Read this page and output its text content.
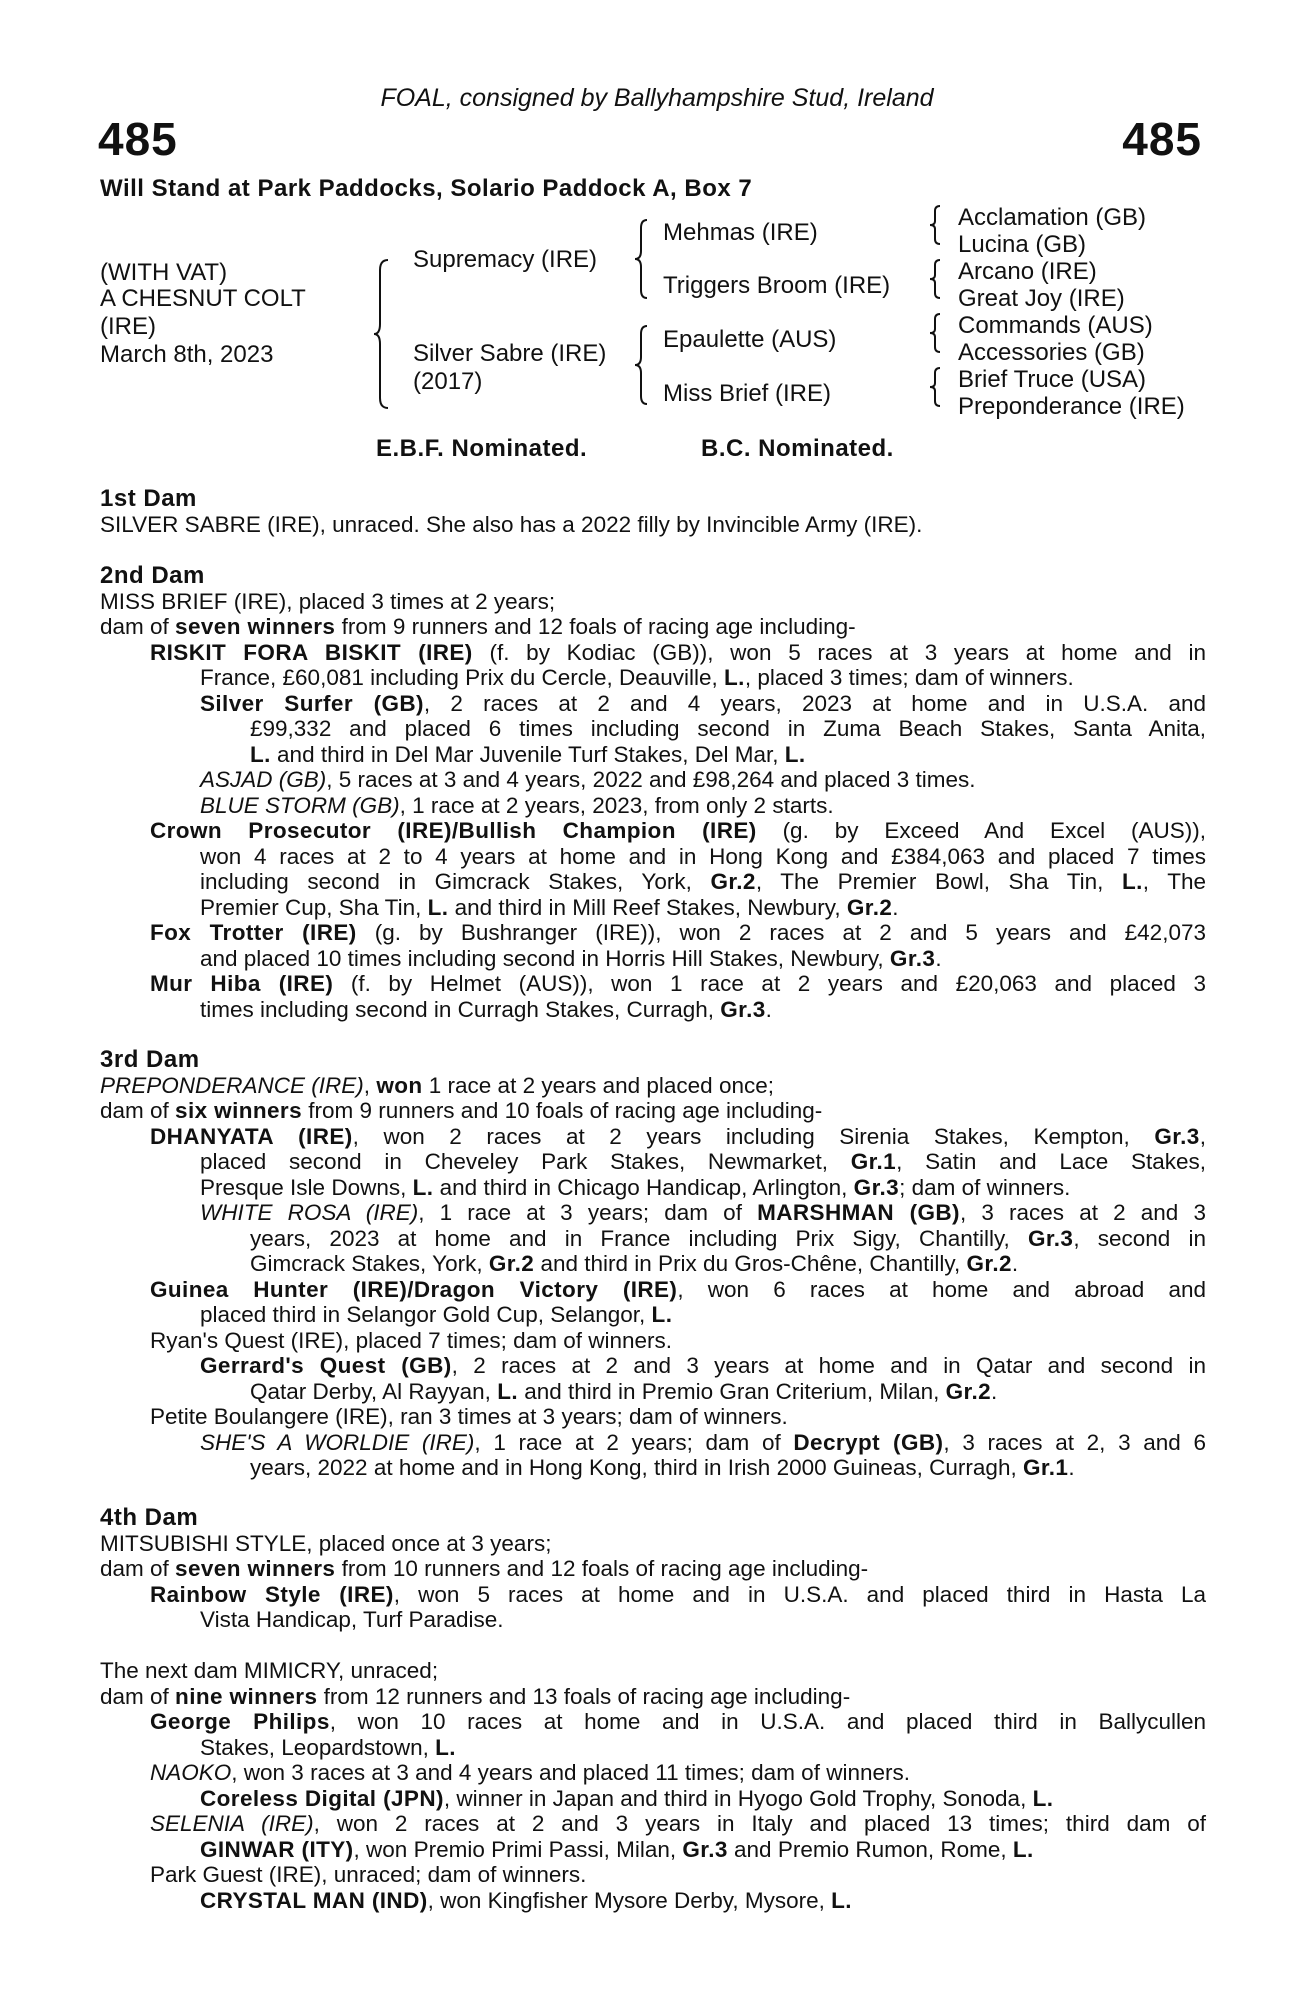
FOAL, consigned by Ballyhampshire Stud, Ireland
485	485
Will Stand at Park Paddocks, Solario Paddock A, Box 7
(WITH VAT)
A CHESNUT COLT
(IRE)
March 8th, 2023
Supremacy (IRE)
Silver Sabre (IRE)
(2017)
Mehmas (IRE)
Triggers Broom (IRE)
Epaulette (AUS)
Miss Brief (IRE)
Acclamation (GB)
Lucina (GB)
Arcano (IRE)
Great Joy (IRE)
Commands (AUS)
Accessories (GB)
Brief Truce (USA)
Preponderance (IRE)
E.B.F. Nominated.	B.C. Nominated.
1st Dam
SILVER SABRE (IRE), unraced. She also has a 2022 filly by Invincible Army (IRE).
2nd Dam
MISS BRIEF (IRE), placed 3 times at 2 years;
dam of seven winners from 9 runners and 12 foals of racing age including-
RISKIT FORA BISKIT (IRE) (f. by Kodiac (GB)), won 5 races at 3 years at home and in
France, £60,081 including Prix du Cercle, Deauville, L., placed 3 times; dam of winners.
Silver Surfer (GB), 2 races at 2 and 4 years, 2023 at home and in U.S.A. and
£99,332 and placed 6 times including second in Zuma Beach Stakes, Santa Anita,
L. and third in Del Mar Juvenile Turf Stakes, Del Mar, L.
ASJAD (GB), 5 races at 3 and 4 years, 2022 and £98,264 and placed 3 times.
BLUE STORM (GB), 1 race at 2 years, 2023, from only 2 starts.
Crown Prosecutor (IRE)/Bullish Champion (IRE) (g. by Exceed And Excel (AUS)),
won 4 races at 2 to 4 years at home and in Hong Kong and £384,063 and placed 7 times
including second in Gimcrack Stakes, York, Gr.2, The Premier Bowl, Sha Tin, L., The
Premier Cup, Sha Tin, L. and third in Mill Reef Stakes, Newbury, Gr.2.
Fox Trotter (IRE) (g. by Bushranger (IRE)), won 2 races at 2 and 5 years and £42,073
and placed 10 times including second in Horris Hill Stakes, Newbury, Gr.3.
Mur Hiba (IRE) (f. by Helmet (AUS)), won 1 race at 2 years and £20,063 and placed 3
times including second in Curragh Stakes, Curragh, Gr.3.
3rd Dam
PREPONDERANCE (IRE), won 1 race at 2 years and placed once;
dam of six winners from 9 runners and 10 foals of racing age including-
DHANYATA (IRE), won 2 races at 2 years including Sirenia Stakes, Kempton, Gr.3,
placed second in Cheveley Park Stakes, Newmarket, Gr.1, Satin and Lace Stakes,
Presque Isle Downs, L. and third in Chicago Handicap, Arlington, Gr.3; dam of winners.
WHITE ROSA (IRE), 1 race at 3 years; dam of MARSHMAN (GB), 3 races at 2 and 3
years, 2023 at home and in France including Prix Sigy, Chantilly, Gr.3, second in
Gimcrack Stakes, York, Gr.2 and third in Prix du Gros-Chêne, Chantilly, Gr.2.
Guinea Hunter (IRE)/Dragon Victory (IRE), won 6 races at home and abroad and
placed third in Selangor Gold Cup, Selangor, L.
Ryan's Quest (IRE), placed 7 times; dam of winners.
Gerrard's Quest (GB), 2 races at 2 and 3 years at home and in Qatar and second in
Qatar Derby, Al Rayyan, L. and third in Premio Gran Criterium, Milan, Gr.2.
Petite Boulangere (IRE), ran 3 times at 3 years; dam of winners.
SHE'S A WORLDIE (IRE), 1 race at 2 years; dam of Decrypt (GB), 3 races at 2, 3 and 6
years, 2022 at home and in Hong Kong, third in Irish 2000 Guineas, Curragh, Gr.1.
4th Dam
MITSUBISHI STYLE, placed once at 3 years;
dam of seven winners from 10 runners and 12 foals of racing age including-
Rainbow Style (IRE), won 5 races at home and in U.S.A. and placed third in Hasta La
Vista Handicap, Turf Paradise.
The next dam MIMICRY, unraced;
dam of nine winners from 12 runners and 13 foals of racing age including-
George Philips, won 10 races at home and in U.S.A. and placed third in Ballycullen
Stakes, Leopardstown, L.
NAOKO, won 3 races at 3 and 4 years and placed 11 times; dam of winners.
Coreless Digital (JPN), winner in Japan and third in Hyogo Gold Trophy, Sonoda, L.
SELENIA (IRE), won 2 races at 2 and 3 years in Italy and placed 13 times; third dam of
GINWAR (ITY), won Premio Primi Passi, Milan, Gr.3 and Premio Rumon, Rome, L.
Park Guest (IRE), unraced; dam of winners.
CRYSTAL MAN (IND), won Kingfisher Mysore Derby, Mysore, L.
